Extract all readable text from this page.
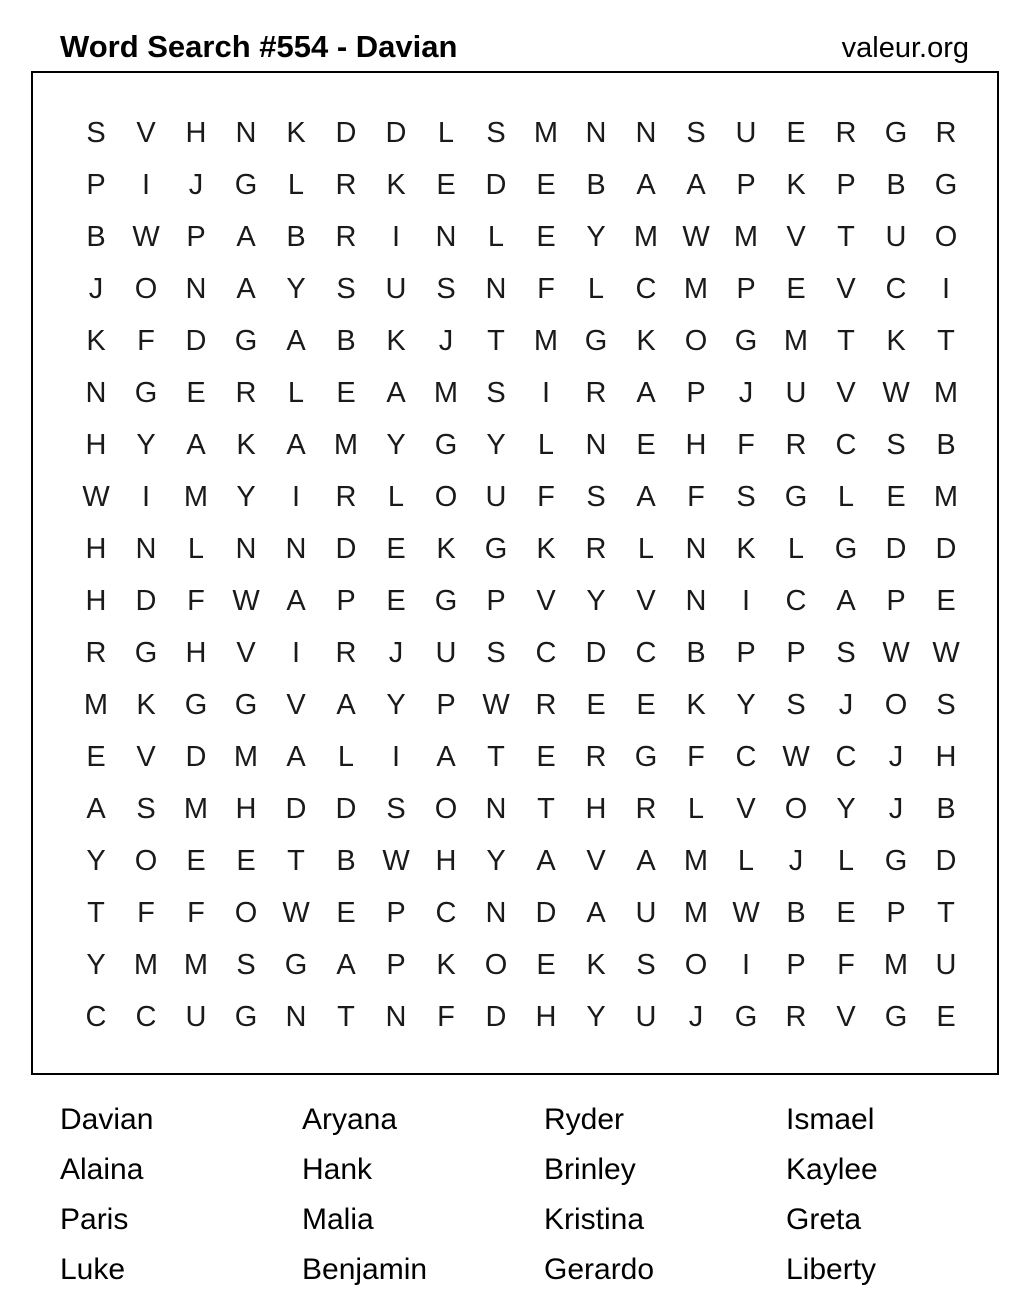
Word Search #554 - Davian	valeur.org
S	V	H	N	K	D	D	L	S M N	N	S	U	E	R G R
P	I	J	G	L	R	K	E	D	E	B	A	A	P	K	P	B	G
B W P	A	B	R	I	N	L	E	Y M W M V	T	U O
J	O N	A	Y	S	U	S	N	F	L	C M P	E	V	C	I
K	F	D G	A	B	K	J	T	M G	K	O G M	T	K	T
N G	E	R	L	E	A M S	I	R	A	P	J	U	V W M
H	Y	A	K	A M Y	G	Y	L	N	E	H	F	R	C	S	B
W	I	M Y	I	R	L	O U	F	S	A	F	S	G	L	E M
H	N	L	N	N	D	E	K	G	K	R	L	N	K	L	G D	D
H	D	F W A	P	E	G	P	V	Y	V	N	I	C	A	P	E
R G H	V	I	R	J	U	S	C	D	C	B	P	P	S W W
M K	G G	V	A	Y	P W R	E	E	K	Y	S	J	O	S
E	V	D M A	L	I	A	T	E	R G	F	C W C	J	H
A	S M H	D	D	S	O N	T	H	R	L	V	O	Y	J	B
Y	O	E	E	T	B W H	Y	A	V	A M	L	J	L	G D
T	F	F	O W E	P	C	N	D	A	U M W B	E	P	T
Y M M S	G	A	P	K	O	E	K	S	O	I	P	F	M U
C	C	U G N	T	N	F	D	H	Y	U	J	G R	V	G	E
Davian	Aryana	Ryder	Ismael
Alaina	Hank	Brinley	Kaylee
Paris	Malia	Kristina	Greta
Luke	Benjamin	Gerardo	Liberty
